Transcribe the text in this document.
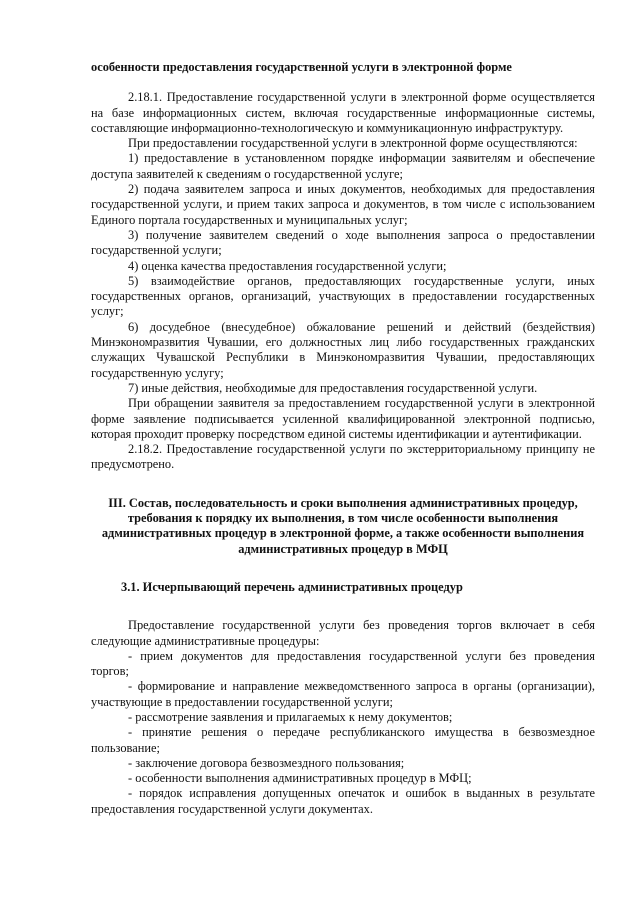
особенности предоставления государственной услуги в электронной форме

2.18.1. Предоставление государственной услуги в электронной форме осуществляется на базе информационных систем, включая государственные информационные системы, составляющие информационно-технологическую и коммуникационную инфраструктуру.

При предоставлении государственной услуги в электронной форме осуществляются:

1) предоставление в установленном порядке информации заявителям и обеспечение доступа заявителей к сведениям о государственной услуге;

2) подача заявителем запроса и иных документов, необходимых для предоставления государственной услуги, и прием таких запроса и документов, в том числе с использованием Единого портала государственных и муниципальных услуг;

3) получение заявителем сведений о ходе выполнения запроса о предоставлении государственной услуги;

4) оценка качества предоставления государственной услуги;

5) взаимодействие органов, предоставляющих государственные услуги, иных государственных органов, организаций, участвующих в предоставлении государственных услуг;

6) досудебное (внесудебное) обжалование решений и действий (бездействия) Минэкономразвития Чувашии, его должностных лиц либо государственных гражданских служащих Чувашской Республики в Минэкономразвития Чувашии, предоставляющих государственную услугу;

7) иные действия, необходимые для предоставления государственной услуги.

При обращении заявителя за предоставлением государственной услуги в электронной форме заявление подписывается усиленной квалифицированной электронной подписью, которая проходит проверку посредством единой системы идентификации и аутентификации.

2.18.2. Предоставление государственной услуги по экстерриториальному принципу не предусмотрено.

III. Состав, последовательность и сроки выполнения административных процедур, требования к порядку их выполнения, в том числе особенности выполнения административных процедур в электронной форме, а также особенности выполнения административных процедур в МФЦ

3.1. Исчерпывающий перечень административных процедур

Предоставление государственной услуги без проведения торгов включает в себя следующие административные процедуры:

- прием документов для предоставления государственной услуги без проведения торгов;

- формирование и направление межведомственного запроса в органы (организации), участвующие в предоставлении государственной услуги;

- рассмотрение заявления и прилагаемых к нему документов;

- принятие решения о передаче республиканского имущества в безвозмездное пользование;

- заключение договора безвозмездного пользования;

- особенности выполнения административных процедур в МФЦ;

- порядок исправления допущенных опечаток и ошибок в выданных в результате предоставления государственной услуги документах.
